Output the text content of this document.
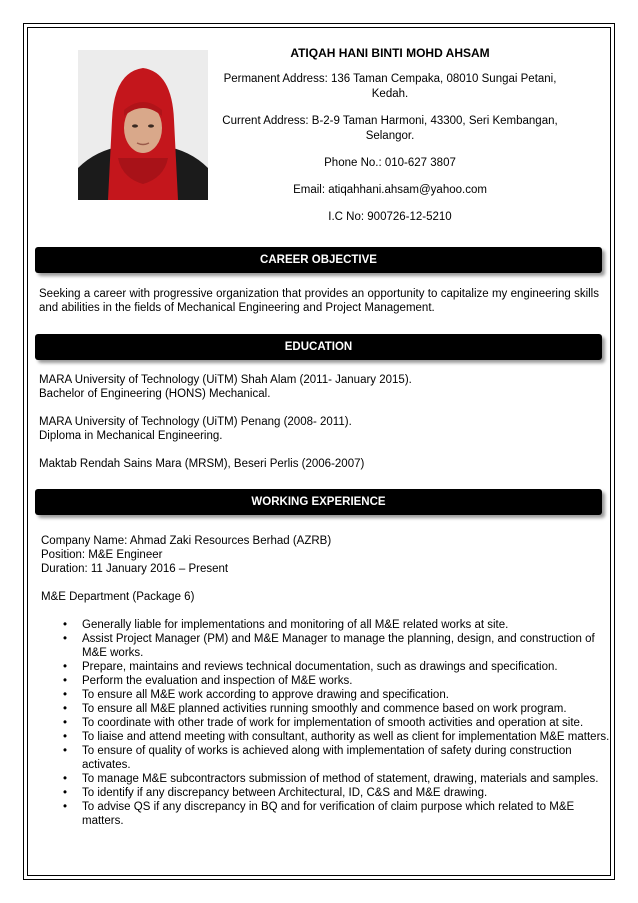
ATIQAH HANI BINTI MOHD AHSAM

Permanent Address: 136 Taman Cempaka, 08010 Sungai Petani, Kedah.

Current Address: B-2-9 Taman Harmoni, 43300, Seri Kembangan, Selangor.

Phone No.: 010-627 3807

Email: atiqahhani.ahsam@yahoo.com

I.C No: 900726-12-5210

CAREER OBJECTIVE

Seeking a career with progressive organization that provides an opportunity to capitalize my engineering skills and abilities in the fields of Mechanical Engineering and Project Management.

EDUCATION
MARA University of Technology (UiTM) Shah Alam (2011- January 2015).
Bachelor of Engineering (HONS) Mechanical.
MARA University of Technology (UiTM) Penang (2008- 2011).
Diploma in Mechanical Engineering.
Maktab Rendah Sains Mara (MRSM), Beseri Perlis (2006-2007)
WORKING EXPERIENCE

Company Name: Ahmad Zaki Resources Berhad (AZRB)

Position: M&E Engineer

Duration: 11 January 2016 – Present

M&E Department (Package 6)

• Generally liable for implementations and monitoring of all M&E related works at site.
• Assist Project Manager (PM) and M&E Manager to manage the planning, design, and construction of M&E works.
• Prepare, maintains and reviews technical documentation, such as drawings and specification.
• Perform the evaluation and inspection of M&E works.
• To ensure all M&E work according to approve drawing and specification.
• To ensure all M&E planned activities running smoothly and commence based on work program.
• To coordinate with other trade of work for implementation of smooth activities and operation at site.
• To liaise and attend meeting with consultant, authority as well as client for implementation M&E matters.
• To ensure of quality of works is achieved along with implementation of safety during construction activates.
• To manage M&E subcontractors submission of method of statement, drawing, materials and samples.
• To identify if any discrepancy between Architectural, ID, C&S and M&E drawing.
• To advise QS if any discrepancy in BQ and for verification of claim purpose which related to M&E matters.
